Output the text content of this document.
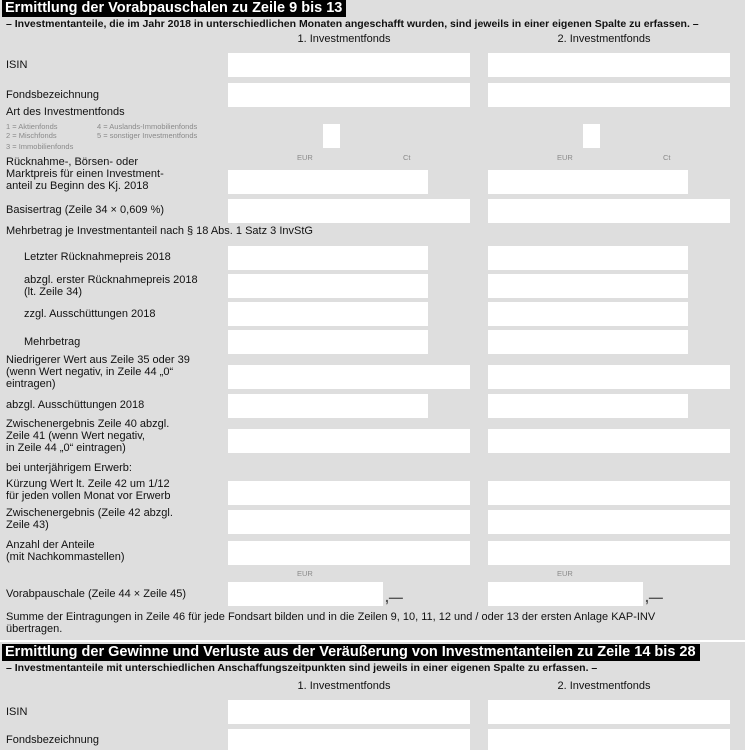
Ermittlung der Vorabpauschalen zu Zeile 9 bis 13
– Investmentanteile, die im Jahr 2018 in unterschiedlichen Monaten angeschafft wurden, sind jeweils in einer eigenen Spalte zu erfassen. –
1. Investmentfonds	2. Investmentfonds
ISIN
Fondsbezeichnung
Art des Investmentfonds
1 = Aktienfonds
2 = Mischfonds
3 = Immobilienfonds
4 = Auslands-Immobilienfonds
5 = sonstiger Investmentfonds
EUR	Ct	EUR	Ct
Rücknahme-, Börsen- oder
Marktpreis für einen Investment-
anteil zu Beginn des Kj. 2018
Basisertrag (Zeile 34 × 0,609 %)
Mehrbetrag je Investmentanteil nach § 18 Abs. 1 Satz 3 InvStG
Letzter Rücknahmepreis 2018
abzgl. erster Rücknahmepreis 2018
(lt. Zeile 34)
zzgl. Ausschüttungen 2018
Mehrbetrag
Niedrigerer Wert aus Zeile 35 oder 39
(wenn Wert negativ, in Zeile 44 „0“
eintragen)
abzgl. Ausschüttungen 2018
Zwischenergebnis Zeile 40 abzgl.
Zeile 41 (wenn Wert negativ,
in Zeile 44 „0“ eintragen)
bei unterjährigem Erwerb:
Kürzung Wert lt. Zeile 42 um 1/12
für jeden vollen Monat vor Erwerb
Zwischenergebnis (Zeile 42 abzgl.
Zeile 43)
Anzahl der Anteile
(mit Nachkommastellen)
EUR	EUR
Vorabpauschale (Zeile 44 × Zeile 45)	,—	,—
Summe der Eintragungen in Zeile 46 für jede Fondsart bilden und in die Zeilen 9, 10, 11, 12 und / oder 13 der ersten Anlage KAP-INV
übertragen.
Ermittlung der Gewinne und Verluste aus der Veräußerung von Investmentanteilen zu Zeile 14 bis 28
– Investmentanteile mit unterschiedlichen Anschaffungszeitpunkten sind jeweils in einer eigenen Spalte zu erfassen. –
1. Investmentfonds	2. Investmentfonds
ISIN
Fondsbezeichnung
